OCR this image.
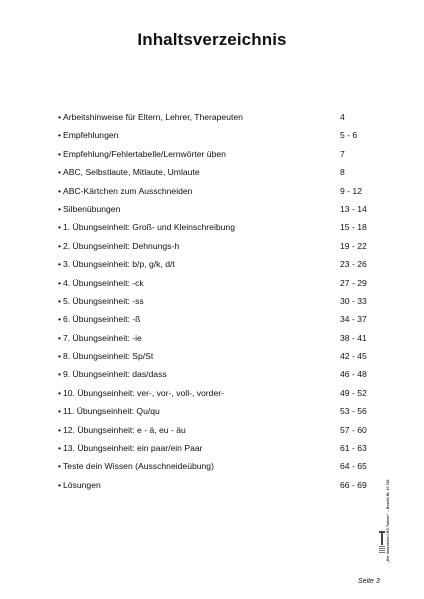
Inhaltsverzeichnis
• Arbeitshinweise für Eltern, Lehrer, Therapeuten	4
• Empfehlungen	5 - 6
• Empfehlung/Fehlertabelle/Lernwörter üben	7
• ABC, Selbstlaute, Mitlaute, Umlaute	8
• ABC-Kärtchen zum Ausschneiden	9 - 12
• Silbenübungen	13 - 14
• 1. Übungseinheit: Groß- und Kleinschreibung	15 - 18
• 2. Übungseinheit: Dehnungs-h	19 - 22
• 3. Übungseinheit: b/p, g/k, d/t	23 - 26
• 4. Übungseinheit: -ck	27 - 29
• 5. Übungseinheit: -ss	30 - 33
• 6. Übungseinheit: -ß	34 - 37
• 7. Übungseinheit: -ie	38 - 41
• 8. Übungseinheit: Sp/St	42 - 45
• 9. Übungseinheit: das/dass	46 - 48
• 10. Übungseinheit: ver-, vor-, voll-, vorder-	49 - 52
• 11. Übungseinheit: Qu/qu	53 - 56
• 12. Übungseinheit: e - ä, eu - äu	57 - 60
• 13. Übungseinheit: ein paar/ein Paar	61 - 63
• Teste dein Wissen (Ausschneideübung)	64 - 65
• Lösungen	66 - 69	„Der innovative LRS-Trainer“ – Bestell-Nr. 10 742
Seite 3
